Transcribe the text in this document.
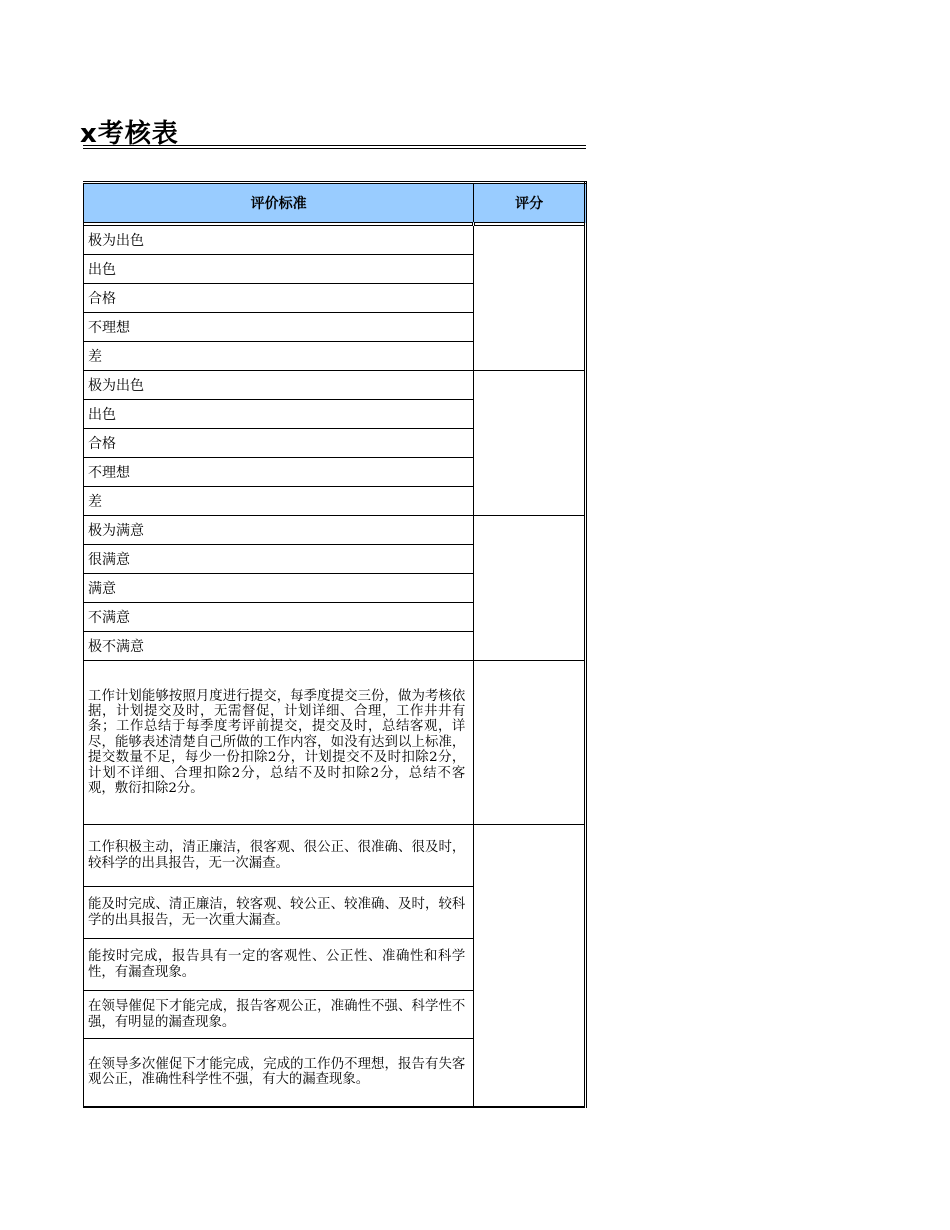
x考核表
评价标准	评分

极为出色	
出色	
合格	
不理想	
差	
极为出色	
出色	
合格	
不理想	
差	
极为满意	
很满意	
满意	
不满意	
极不满意	
工作计划能够按照月度进行提交，每季度提交三份，做为考核依据，计划提交及时，无需督促，计划详细、合理，工作井井有条；工作总结于每季度考评前提交，提交及时，总结客观，详尽，能够表述清楚自己所做的工作内容，如没有达到以上标准，提交数量不足，每少一份扣除2分，计划提交不及时扣除2分，计划不详细、合理扣除2分，总结不及时扣除2分，总结不客观，敷衍扣除2分。	
工作积极主动，清正廉洁，很客观、很公正、很准确、很及时，较科学的出具报告，无一次漏查。	
能及时完成、清正廉洁，较客观、较公正、较准确、及时，较科学的出具报告，无一次重大漏查。	
能按时完成，报告具有一定的客观性、公正性、准确性和科学性，有漏查现象。	
在领导催促下才能完成，报告客观公正，准确性不强、科学性不强，有明显的漏查现象。	
在领导多次催促下才能完成，完成的工作仍不理想，报告有失客观公正，准确性科学性不强，有大的漏查现象。	
